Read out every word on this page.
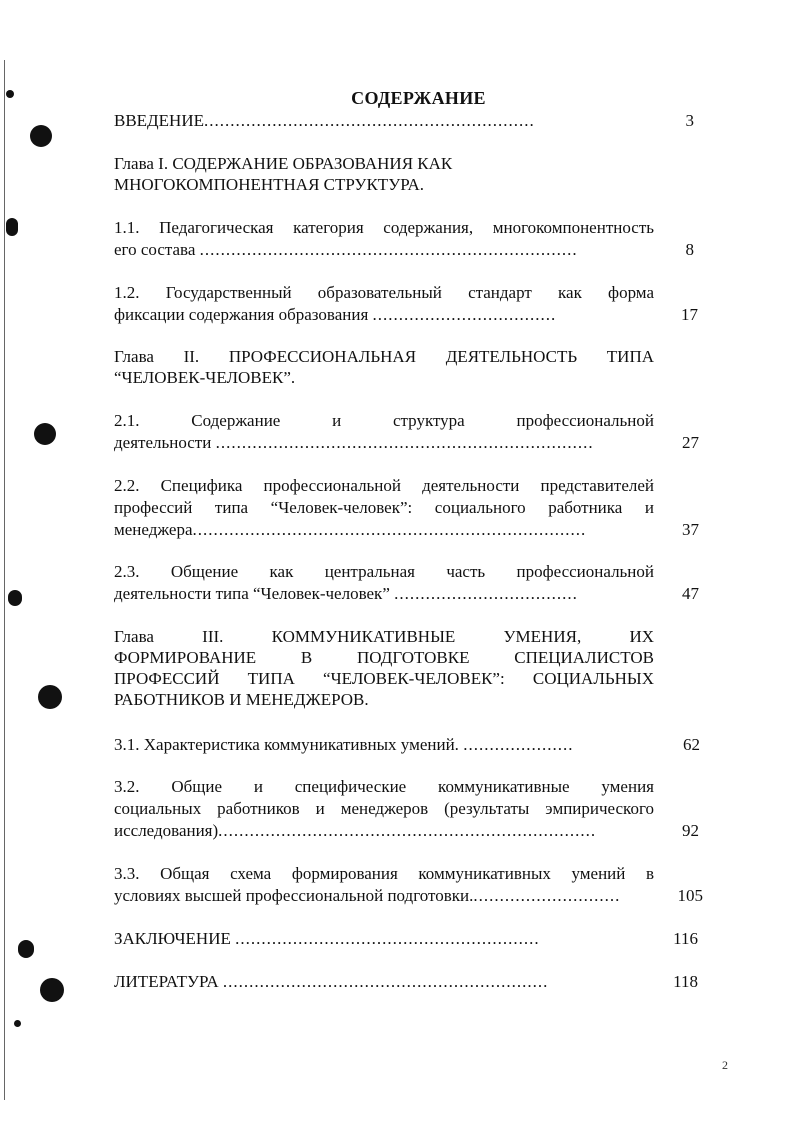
СОДЕРЖАНИЕ
ВВЕДЕНИЕ...............................................................	3
Глава I. СОДЕРЖАНИЕ ОБРАЗОВАНИЯ КАК
МНОГОКОМПОНЕНТНАЯ СТРУКТУРА.
1.1. Педагогическая категория содержания, многокомпонентность
его состава ........................................................................	8
1.2. Государственный образовательный стандарт как форма
фиксации содержания образования ...................................	17
Глава II. ПРОФЕССИОНАЛЬНАЯ ДЕЯТЕЛЬНОСТЬ ТИПА
“ЧЕЛОВЕК-ЧЕЛОВЕК”.
2.1. Содержание и структура профессиональной
деятельности ........................................................................	27
2.2. Специфика профессиональной деятельности представителей
профессий типа “Человек-человек”: социального работника и
менеджера...........................................................................	37
2.3. Общение как центральная часть профессиональной
деятельности типа “Человек-человек” ...................................	47
Глава III. КОММУНИКАТИВНЫЕ УМЕНИЯ, ИХ
ФОРМИРОВАНИЕ В ПОДГОТОВКЕ СПЕЦИАЛИСТОВ
ПРОФЕССИЙ ТИПА “ЧЕЛОВЕК-ЧЕЛОВЕК”: СОЦИАЛЬНЫХ
РАБОТНИКОВ И МЕНЕДЖЕРОВ.
3.1. Характеристика коммуникативных умений. .....................	62
3.2. Общие и специфические коммуникативные умения
социальных работников и менеджеров (результаты эмпирического
исследования)........................................................................	92
3.3. Общая схема формирования коммуникативных умений в
условиях высшей профессиональной подготовки.............................	105
ЗАКЛЮЧЕНИЕ ..........................................................	116
ЛИТЕРАТУРА ..............................................................	118
2
